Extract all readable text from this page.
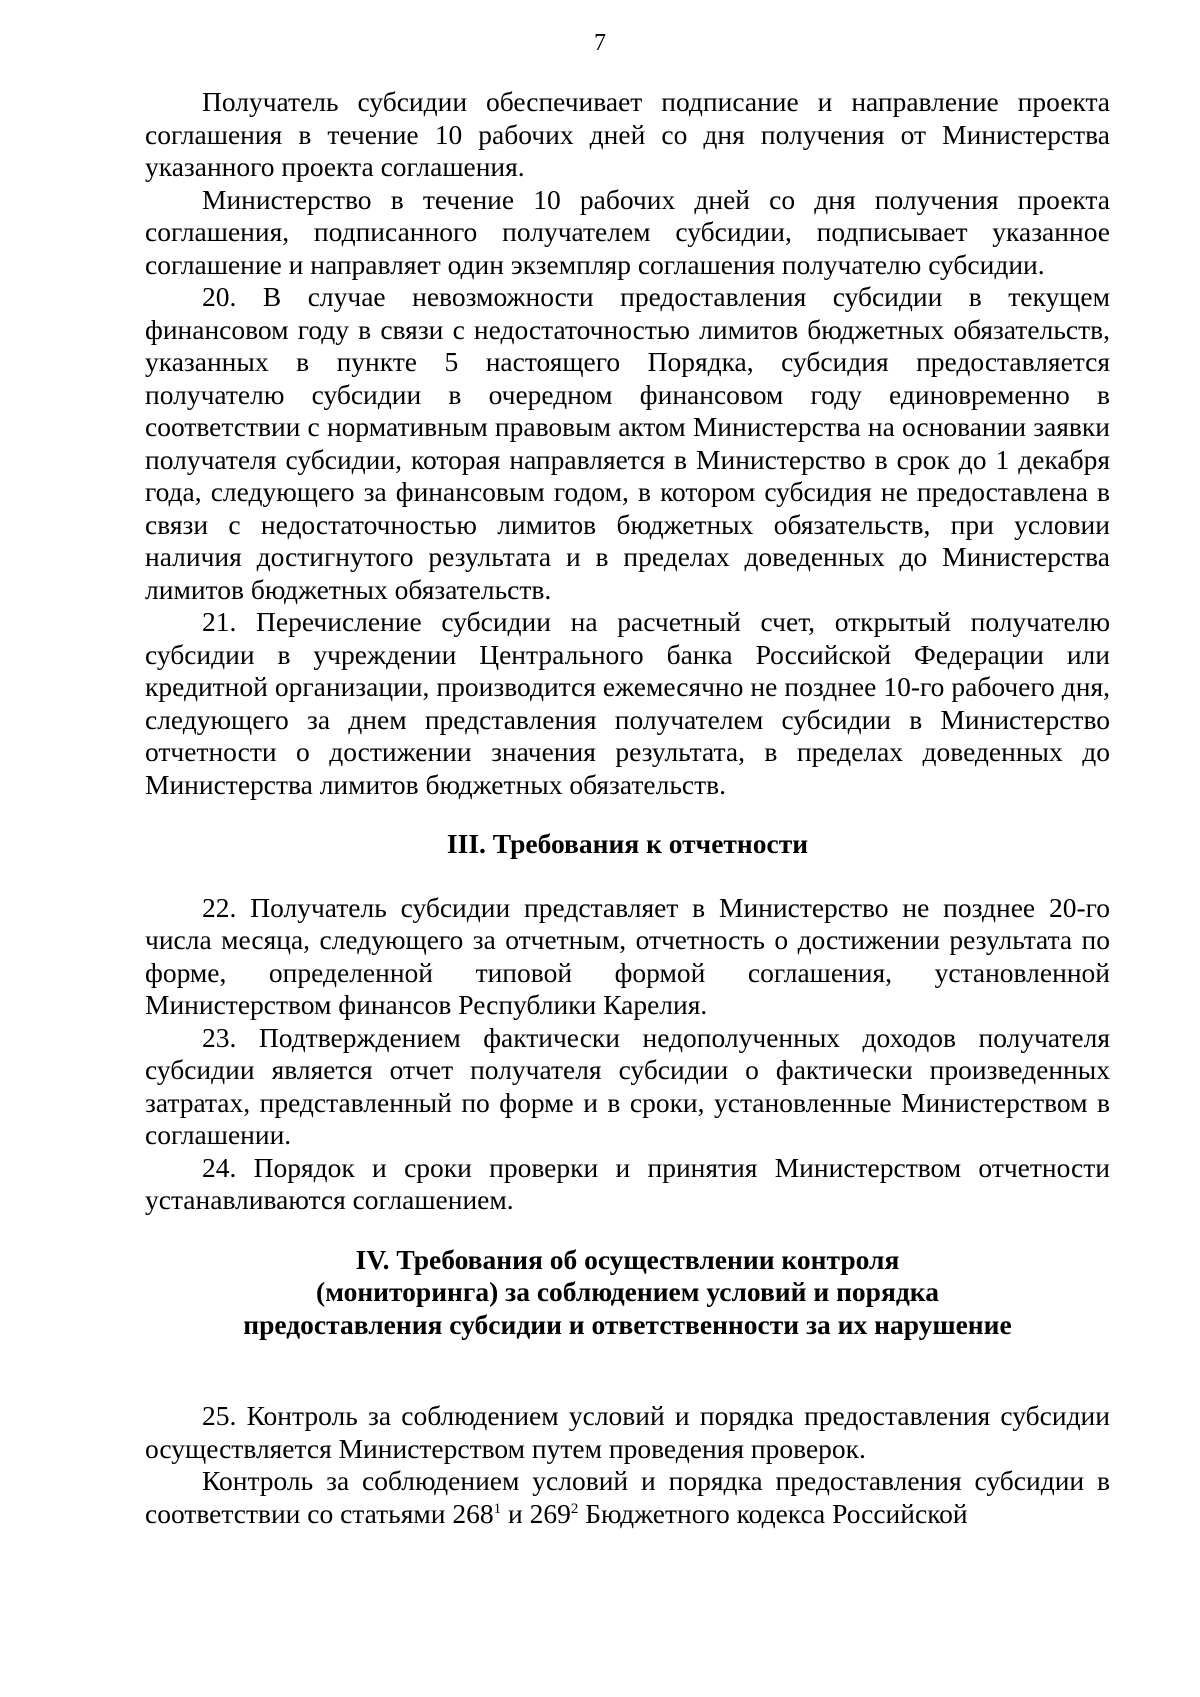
7

Получатель субсидии обеспечивает подписание и направление проекта соглашения в течение 10 рабочих дней со дня получения от Министерства указанного проекта соглашения.

Министерство в течение 10 рабочих дней со дня получения проекта соглашения, подписанного получателем субсидии, подписывает указанное соглашение и направляет один экземпляр соглашения получателю субсидии.

20. В случае невозможности предоставления субсидии в текущем финансовом году в связи с недостаточностью лимитов бюджетных обязательств, указанных в пункте 5 настоящего Порядка, субсидия предоставляется получателю субсидии в очередном финансовом году единовременно в соответствии с нормативным правовым актом Министерства на основании заявки получателя субсидии, которая направляется в Министерство в срок до 1 декабря года, следующего за финансовым годом, в котором субсидия не предоставлена в связи с недостаточностью лимитов бюджетных обязательств, при условии наличия достигнутого результата и в пределах доведенных до Министерства лимитов бюджетных обязательств.

21. Перечисление субсидии на расчетный счет, открытый получателю субсидии в учреждении Центрального банка Российской Федерации или кредитной организации, производится ежемесячно не позднее 10-го рабочего дня, следующего за днем представления получателем субсидии в Министерство отчетности о достижении значения результата, в пределах доведенных до Министерства лимитов бюджетных обязательств.

III. Требования к отчетности

22. Получатель субсидии представляет в Министерство не позднее 20-го числа месяца, следующего за отчетным, отчетность о достижении результата по форме, определенной типовой формой соглашения, установленной Министерством финансов Республики Карелия.

23. Подтверждением фактически недополученных доходов получателя субсидии является отчет получателя субсидии о фактически произведенных затратах, представленный по форме и в сроки, установленные Министерством в соглашении.

24. Порядок и сроки проверки и принятия Министерством отчетности устанавливаются соглашением.

IV. Требования об осуществлении контроля
(мониторинга) за соблюдением условий и порядка
предоставления субсидии и ответственности за их нарушение

25. Контроль за соблюдением условий и порядка предоставления субсидии осуществляется Министерством путем проведения проверок.

Контроль за соблюдением условий и порядка предоставления субсидии в соответствии со статьями $268^1$ и $269^2$ Бюджетного кодекса Российской
